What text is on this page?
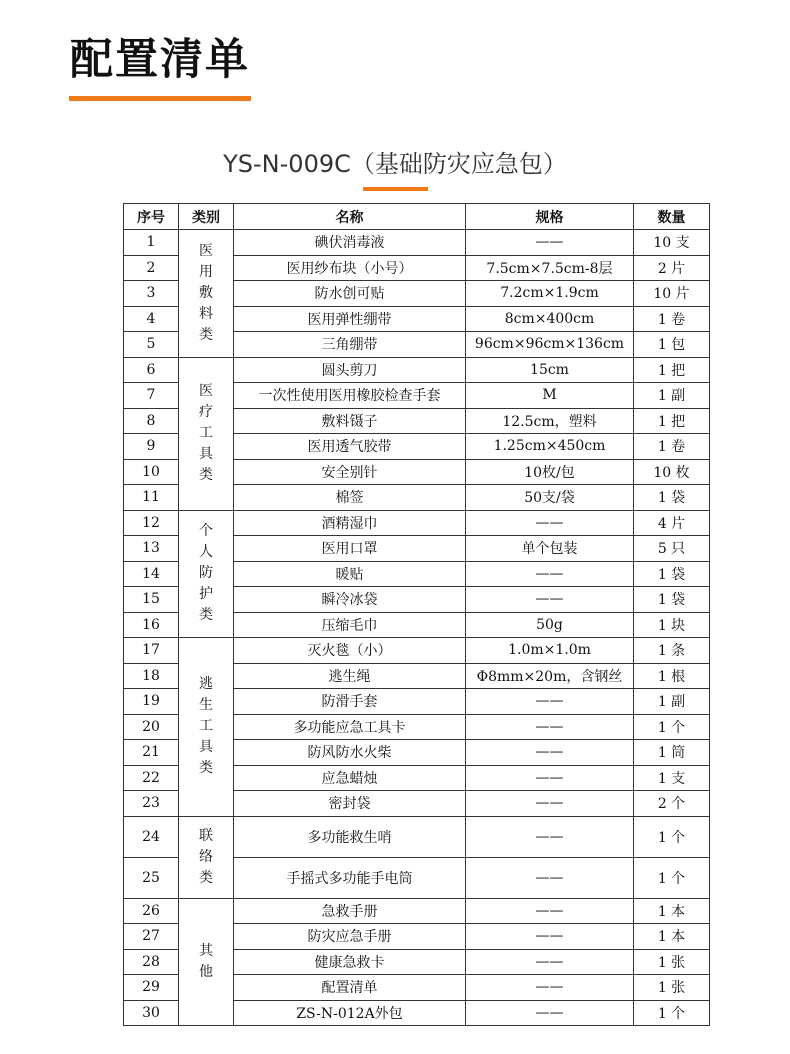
配置清单
YS-N-009C（基础防灾应急包）
序号	类别	名称	规格	数量
1	医用敷料类	碘伏消毒液	——	10 支
2		医用纱布块（小号）	7.5cm×7.5cm-8层	2 片
3		防水创可贴	7.2cm×1.9cm	10 片
4		医用弹性绷带	8cm×400cm	1 卷
5		三角绷带	96cm×96cm×136cm	1 包
6	医疗工具类	圆头剪刀	15cm	1 把
7		一次性使用医用橡胶检查手套	M	1 副
8		敷料镊子	12.5cm，塑料	1 把
9		医用透气胶带	1.25cm×450cm	1 卷
10		安全别针	10枚/包	10 枚
11		棉签	50支/袋	1 袋
12	个人防护类	酒精湿巾	——	4 片
13		医用口罩	单个包装	5 只
14		暖贴	——	1 袋
15		瞬冷冰袋	——	1 袋
16		压缩毛巾	50g	1 块
17	逃生工具类	灭火毯（小）	1.0m×1.0m	1 条
18		逃生绳	Φ8mm×20m，含钢丝	1 根
19		防滑手套	——	1 副
20		多功能应急工具卡	——	1 个
21		防风防水火柴	——	1 筒
22		应急蜡烛	——	1 支
23		密封袋	——	2 个
24	联络类	多功能救生哨	——	1 个
25		手摇式多功能手电筒	——	1 个
26	其他	急救手册	——	1 本
27		防灾应急手册	——	1 本
28		健康急救卡	——	1 张
29		配置清单	——	1 张
30		ZS-N-012A外包	——	1 个
